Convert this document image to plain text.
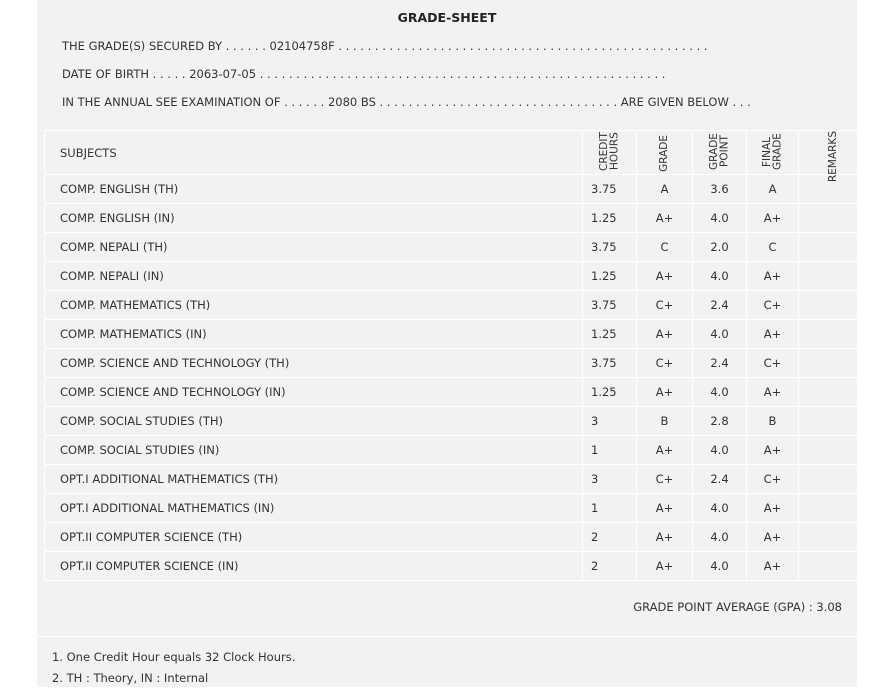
GRADE-SHEET
THE GRADE(S) SECURED BY . . . . . . 02104758F . . . . . . . . . . . . . . . . . . . . . . . . . . . . . . . . . . . . . . . . . . . . . . . . . . .
DATE OF BIRTH . . . . . 2063-07-05 . . . . . . . . . . . . . . . . . . . . . . . . . . . . . . . . . . . . . . . . . . . . . . . . . . . . . . . .
IN THE ANNUAL SEE EXAMINATION OF . . . . . . 2080 BS . . . . . . . . . . . . . . . . . . . . . . . . . . . . . . . . . ARE GIVEN BELOW . . .
SUBJECTS	CREDIT HOURS	GRADE	GRADE POINT	FINAL GRADE	REMARKS

COMP. ENGLISH (TH)	3.75	A	3.6	A	
COMP. ENGLISH (IN)	1.25	A+	4.0	A+	
COMP. NEPALI (TH)	3.75	C	2.0	C	
COMP. NEPALI (IN)	1.25	A+	4.0	A+	
COMP. MATHEMATICS (TH)	3.75	C+	2.4	C+	
COMP. MATHEMATICS (IN)	1.25	A+	4.0	A+	
COMP. SCIENCE AND TECHNOLOGY (TH)	3.75	C+	2.4	C+	
COMP. SCIENCE AND TECHNOLOGY (IN)	1.25	A+	4.0	A+	
COMP. SOCIAL STUDIES (TH)	3	B	2.8	B	
COMP. SOCIAL STUDIES (IN)	1	A+	4.0	A+	
OPT.I ADDITIONAL MATHEMATICS (TH)	3	C+	2.4	C+	
OPT.I ADDITIONAL MATHEMATICS (IN)	1	A+	4.0	A+	
OPT.II COMPUTER SCIENCE (TH)	2	A+	4.0	A+	
OPT.II COMPUTER SCIENCE (IN)	2	A+	4.0	A+	
GRADE POINT AVERAGE (GPA) : 3.08
1. One Credit Hour equals 32 Clock Hours.
2. TH : Theory, IN : Internal
